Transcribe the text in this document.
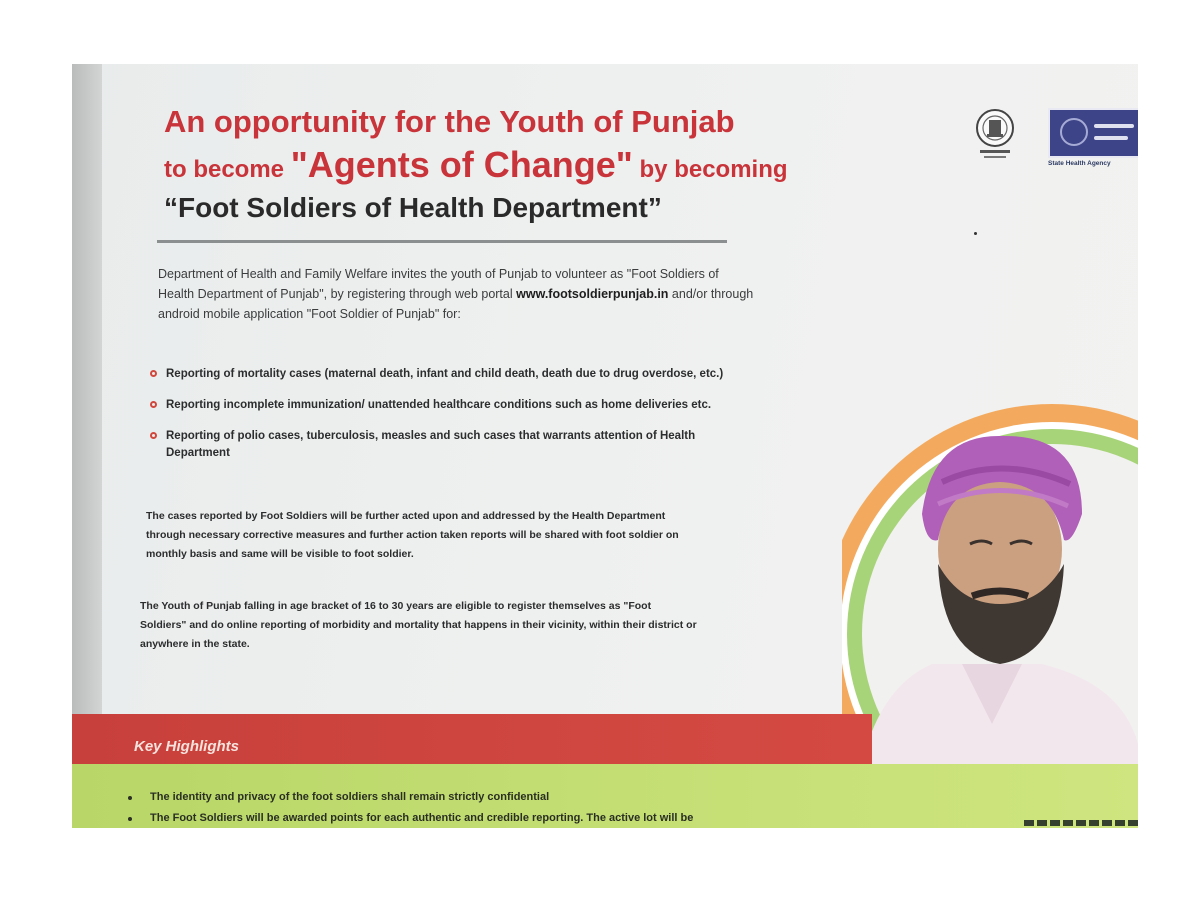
An opportunity for the Youth of Punjab
to become "Agents of Change" by becoming
“Foot Soldiers of Health Department”
Department of Health and Family Welfare invites the youth of Punjab to volunteer as "Foot Soldiers of Health Department of Punjab", by registering through web portal www.footsoldierpunjab.in and/or through android mobile application "Foot Soldier of Punjab" for:
Reporting of mortality cases (maternal death, infant and child death, death due to drug overdose, etc.)
Reporting incomplete immunization/ unattended healthcare conditions such as home deliveries etc.
Reporting of polio cases, tuberculosis, measles and such cases that warrants attention of Health Department
The cases reported by Foot Soldiers will be further acted upon and addressed by the Health Department through necessary corrective measures and further action taken reports will be shared with foot soldier on monthly basis and same will be visible to foot soldier.
The Youth of Punjab falling in age bracket of 16 to 30 years are eligible to register themselves as "Foot Soldiers" and do online reporting of morbidity and mortality that happens in their vicinity, within their district or anywhere in the state.
State Health Agency
Key Highlights
The identity and privacy of the foot soldiers shall remain strictly confidential
The Foot Soldiers will be awarded points for each authentic and credible reporting. The active lot will be
